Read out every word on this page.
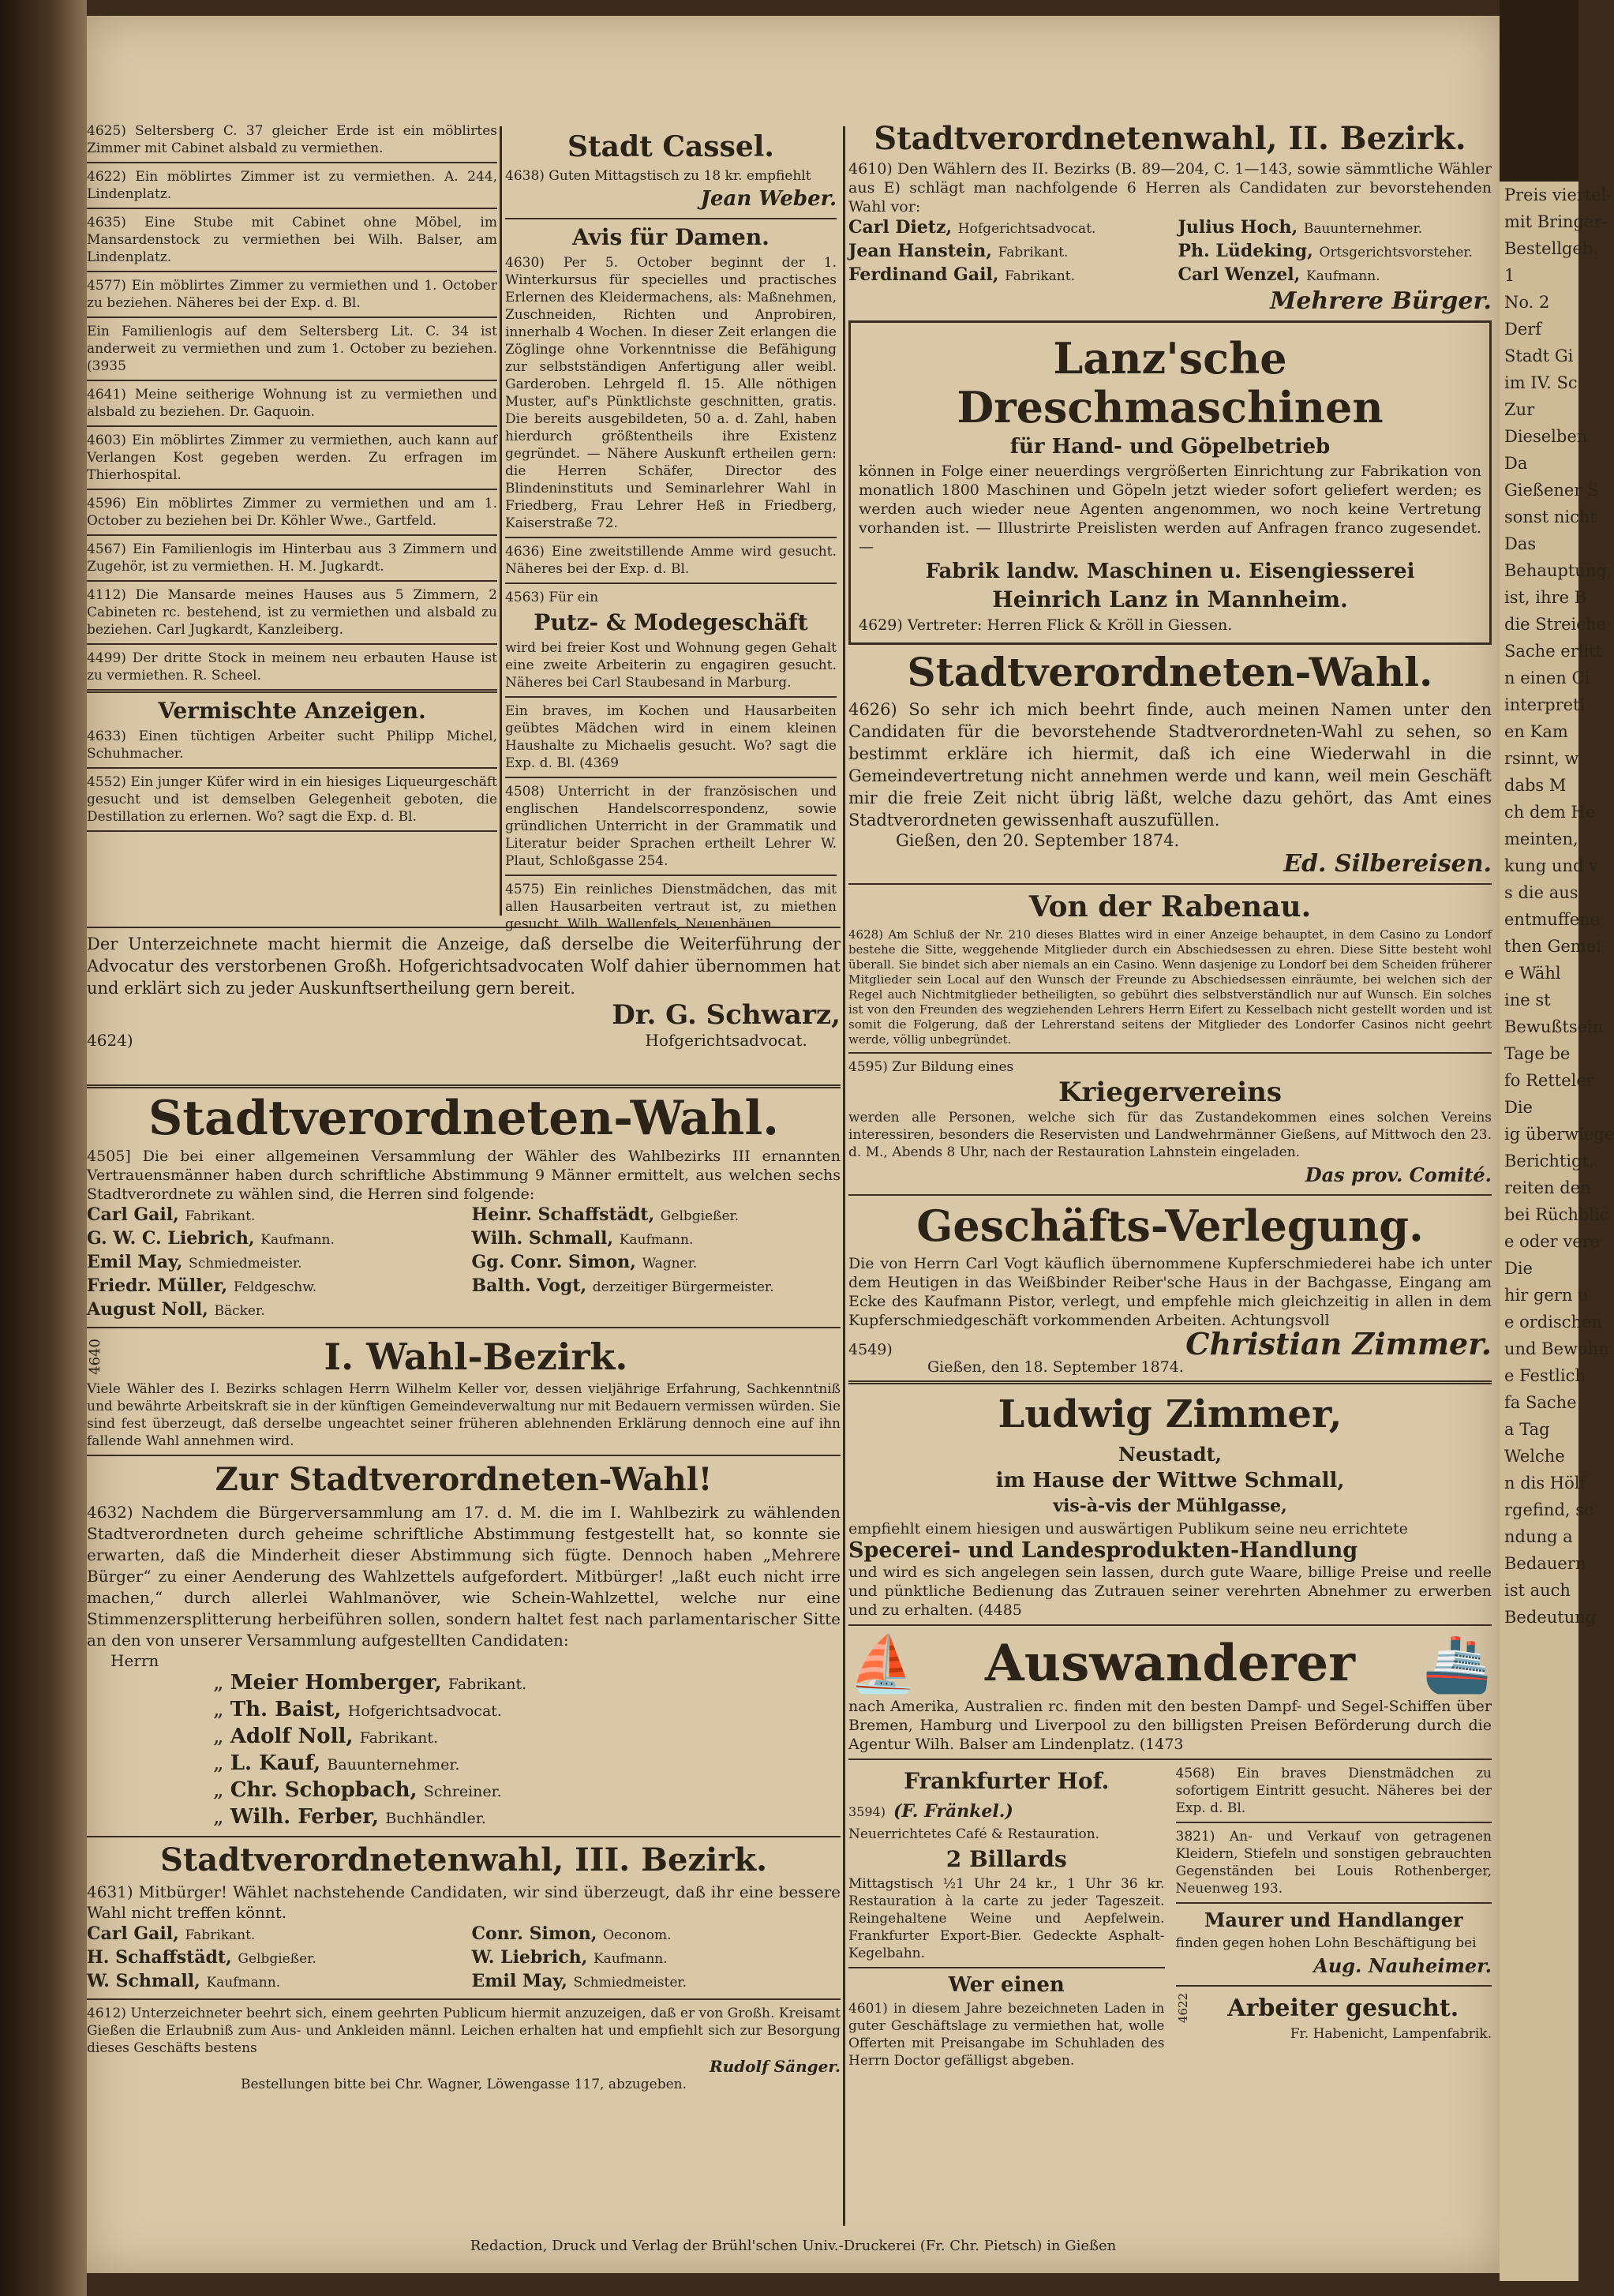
4625) Seltersberg C. 37 gleicher Erde ist ein möblirtes Zimmer mit Cabinet alsbald zu vermiethen.

4622) Ein möblirtes Zimmer ist zu vermiethen. A. 244, Lindenplatz.

4635) Eine Stube mit Cabinet ohne Möbel, im Mansardenstock zu vermiethen bei Wilh. Balser, am Lindenplatz.

4577) Ein möblirtes Zimmer zu vermiethen und 1. October zu beziehen. Näheres bei der Exp. d. Bl.

Ein Familienlogis auf dem Seltersberg Lit. C. 34 ist anderweit zu vermiethen und zum 1. October zu beziehen. (3935

4641) Meine seitherige Wohnung ist zu vermiethen und alsbald zu beziehen. Dr. Gaquoin.

4603) Ein möblirtes Zimmer zu vermiethen, auch kann auf Verlangen Kost gegeben werden. Zu erfragen im Thierhospital.

4596) Ein möblirtes Zimmer zu vermiethen und am 1. October zu beziehen bei Dr. Köhler Wwe., Gartfeld.

4567) Ein Familienlogis im Hinterbau aus 3 Zimmern und Zugehör, ist zu vermiethen. H. M. Jugkardt.

4112) Die Mansarde meines Hauses aus 5 Zimmern, 2 Cabineten rc. bestehend, ist zu vermiethen und alsbald zu beziehen. Carl Jugkardt, Kanzleiberg.

4499) Der dritte Stock in meinem neu erbauten Hause ist zu vermiethen. R. Scheel.

Vermischte Anzeigen.

4633) Einen tüchtigen Arbeiter sucht Philipp Michel, Schuhmacher.

4552) Ein junger Küfer wird in ein hiesiges Liqueurgeschäft gesucht und ist demselben Gelegenheit geboten, die Destillation zu erlernen. Wo? sagt die Exp. d. Bl.

Stadt Cassel.

4638) Guten Mittagstisch zu 18 kr. empfiehlt

Jean Weber.
Avis für Damen.

4630) Per 5. October beginnt der 1. Winterkursus für specielles und practisches Erlernen des Kleidermachens, als: Maßnehmen, Zuschneiden, Richten und Anprobiren, innerhalb 4 Wochen. In dieser Zeit erlangen die Zöglinge ohne Vorkenntnisse die Befähigung zur selbstständigen Anfertigung aller weibl. Garderoben. Lehrgeld fl. 15. Alle nöthigen Muster, auf's Pünktlichste geschnitten, gratis. Die bereits ausgebildeten, 50 a. d. Zahl, haben hierdurch größtentheils ihre Existenz gegründet. — Nähere Auskunft ertheilen gern: die Herren Schäfer, Director des Blindeninstituts und Seminarlehrer Wahl in Friedberg, Frau Lehrer Heß in Friedberg, Kaiserstraße 72.

4636) Eine zweitstillende Amme wird gesucht. Näheres bei der Exp. d. Bl.

4563) Für ein

Putz- & Modegeschäft

wird bei freier Kost und Wohnung gegen Gehalt eine zweite Arbeiterin zu engagiren gesucht. Näheres bei Carl Staubesand in Marburg.

Ein braves, im Kochen und Hausarbeiten geübtes Mädchen wird in einem kleinen Haushalte zu Michaelis gesucht. Wo? sagt die Exp. d. Bl. (4369

4508) Unterricht in der französischen und englischen Handelscorrespondenz, sowie gründlichen Unterricht in der Grammatik und Literatur beider Sprachen ertheilt Lehrer W. Plaut, Schloßgasse 254.

4575) Ein reinliches Dienstmädchen, das mit allen Hausarbeiten vertraut ist, zu miethen gesucht. Wilh. Wallenfels, Neuenbäuen.

Der Unterzeichnete macht hiermit die Anzeige, daß derselbe die Weiterführung der Advocatur des verstorbenen Großh. Hofgerichtsadvocaten Wolf dahier übernommen hat und erklärt sich zu jeder Auskunftsertheilung gern bereit.

4624)
Dr. G. Schwarz,
Hofgerichtsadvocat.
Stadtverordneten-Wahl.

4505] Die bei einer allgemeinen Versammlung der Wähler des Wahlbezirks III ernannten Vertrauensmänner haben durch schriftliche Abstimmung 9 Männer ermittelt, aus welchen sechs Stadtverordnete zu wählen sind, die Herren sind folgende:

Carl Gail, Fabrikant.	Heinr. Schaffstädt, Gelbgießer.
G. W. C. Liebrich, Kaufmann.	Wilh. Schmall, Kaufmann.
Emil May, Schmiedmeister.	Gg. Conr. Simon, Wagner.
Friedr. Müller, Feldgeschw.	Balth. Vogt, derzeitiger Bürgermeister.
August Noll, Bäcker.
4640	I. Wahl-Bezirk.

Viele Wähler des I. Bezirks schlagen Herrn Wilhelm Keller vor, dessen vieljährige Erfahrung, Sachkenntniß und bewährte Arbeitskraft sie in der künftigen Gemeindeverwaltung nur mit Bedauern vermissen würden. Sie sind fest überzeugt, daß derselbe ungeachtet seiner früheren ablehnenden Erklärung dennoch eine auf ihn fallende Wahl annehmen wird.

Zur Stadtverordneten-Wahl!

4632) Nachdem die Bürgerversammlung am 17. d. M. die im I. Wahlbezirk zu wählenden Stadtverordneten durch geheime schriftliche Abstimmung festgestellt hat, so konnte sie erwarten, daß die Minderheit dieser Abstimmung sich fügte. Dennoch haben „Mehrere Bürger“ zu einer Aenderung des Wahlzettels aufgefordert. Mitbürger! „laßt euch nicht irre machen,“ durch allerlei Wahlmanöver, wie Schein-Wahlzettel, welche nur eine Stimmenzersplitterung herbeiführen sollen, sondern haltet fest nach parlamentarischer Sitte an den von unserer Versammlung aufgestellten Candidaten:

Herrn
„ Meier Homberger, Fabrikant.
„ Th. Baist, Hofgerichtsadvocat.
„ Adolf Noll, Fabrikant.
„ L. Kauf, Bauunternehmer.
„ Chr. Schopbach, Schreiner.
„ Wilh. Ferber, Buchhändler.
Stadtverordnetenwahl, III. Bezirk.

4631) Mitbürger! Wählet nachstehende Candidaten, wir sind überzeugt, daß ihr eine bessere Wahl nicht treffen könnt.

Carl Gail, Fabrikant.	Conr. Simon, Oeconom.
H. Schaffstädt, Gelbgießer.	W. Liebrich, Kaufmann.
W. Schmall, Kaufmann.	Emil May, Schmiedmeister.

4612) Unterzeichneter beehrt sich, einem geehrten Publicum hiermit anzuzeigen, daß er von Großh. Kreisamt Gießen die Erlaubniß zum Aus- und Ankleiden männl. Leichen erhalten hat und empfiehlt sich zur Besorgung dieses Geschäfts bestens

Rudolf Sänger.

Bestellungen bitte bei Chr. Wagner, Löwengasse 117, abzugeben.

Stadtverordnetenwahl, II. Bezirk.

4610) Den Wählern des II. Bezirks (B. 89—204, C. 1—143, sowie sämmtliche Wähler aus E) schlägt man nachfolgende 6 Herren als Candidaten zur bevorstehenden Wahl vor:

Carl Dietz, Hofgerichtsadvocat.	Julius Hoch, Bauunternehmer.
Jean Hanstein, Fabrikant.	Ph. Lüdeking, Ortsgerichtsvorsteher.
Ferdinand Gail, Fabrikant.	Carl Wenzel, Kaufmann.
Mehrere Bürger.
Lanz'sche Dreschmaschinen
für Hand- und Göpelbetrieb

können in Folge einer neuerdings vergrößerten Einrichtung zur Fabrikation von monatlich 1800 Maschinen und Göpeln jetzt wieder sofort geliefert werden; es werden auch wieder neue Agenten angenommen, wo noch keine Vertretung vorhanden ist. — Illustrirte Preislisten werden auf Anfragen franco zugesendet. —

Fabrik landw. Maschinen u. Eisengiesserei
Heinrich Lanz in Mannheim.

4629) Vertreter: Herren Flick & Kröll in Giessen.

Stadtverordneten-Wahl.

4626) So sehr ich mich beehrt finde, auch meinen Namen unter den Candidaten für die bevorstehende Stadtverordneten-Wahl zu sehen, so bestimmt erkläre ich hiermit, daß ich eine Wiederwahl in die Gemeindevertretung nicht annehmen werde und kann, weil mein Geschäft mir die freie Zeit nicht übrig läßt, welche dazu gehört, das Amt eines Stadtverordneten gewissenhaft auszufüllen.

Gießen, den 20. September 1874.
Ed. Silbereisen.
Von der Rabenau.

4628) Am Schluß der Nr. 210 dieses Blattes wird in einer Anzeige behauptet, in dem Casino zu Londorf bestehe die Sitte, weggehende Mitglieder durch ein Abschiedsessen zu ehren. Diese Sitte besteht wohl überall. Sie bindet sich aber niemals an ein Casino. Wenn dasjenige zu Londorf bei dem Scheiden früherer Mitglieder sein Local auf den Wunsch der Freunde zu Abschiedsessen einräumte, bei welchen sich der Regel auch Nichtmitglieder betheiligten, so gebührt dies selbstverständlich nur auf Wunsch. Ein solches ist von den Freunden des wegziehenden Lehrers Herrn Eifert zu Kesselbach nicht gestellt worden und ist somit die Folgerung, daß der Lehrerstand seitens der Mitglieder des Londorfer Casinos nicht geehrt werde, völlig unbegründet.

4595) Zur Bildung eines

Kriegervereins

werden alle Personen, welche sich für das Zustandekommen eines solchen Vereins interessiren, besonders die Reservisten und Landwehrmänner Gießens, auf Mittwoch den 23. d. M., Abends 8 Uhr, nach der Restauration Lahnstein eingeladen.

Das prov. Comité.
Geschäfts-Verlegung.

Die von Herrn Carl Vogt käuflich übernommene Kupferschmiederei habe ich unter dem Heutigen in das Weißbinder Reiber'sche Haus in der Bachgasse, Eingang am Ecke des Kaufmann Pistor, verlegt, und empfehle mich gleichzeitig in allen in dem Kupferschmiedgeschäft vorkommenden Arbeiten. Achtungsvoll

4549)	Christian Zimmer.
Gießen, den 18. September 1874.
Ludwig Zimmer,
Neustadt,
im Hause der Wittwe Schmall,
vis-à-vis der Mühlgasse,

empfiehlt einem hiesigen und auswärtigen Publikum seine neu errichtete

Specerei- und Landesprodukten-Handlung

und wird es sich angelegen sein lassen, durch gute Waare, billige Preise und reelle und pünktliche Bedienung das Zutrauen seiner verehrten Abnehmer zu erwerben und zu erhalten. (4485

⛵	Auswanderer	🚢

nach Amerika, Australien rc. finden mit den besten Dampf- und Segel-Schiffen über Bremen, Hamburg und Liverpool zu den billigsten Preisen Beförderung durch die Agentur Wilh. Balser am Lindenplatz. (1473

Frankfurter Hof.
3594) (F. Fränkel.)

Neuerrichtetes Café & Restauration.

2 Billards

Mittagstisch ½1 Uhr 24 kr., 1 Uhr 36 kr. Restauration à la carte zu jeder Tageszeit. Reingehaltene Weine und Aepfelwein. Frankfurter Export-Bier. Gedeckte Asphalt-Kegelbahn.

Wer einen

4601) in diesem Jahre bezeichneten Laden in guter Geschäftslage zu vermiethen hat, wolle Offerten mit Preisangabe im Schuhladen des Herrn Doctor gefälligst abgeben.

4568) Ein braves Dienstmädchen zu sofortigem Eintritt gesucht. Näheres bei der Exp. d. Bl.

3821) An- und Verkauf von getragenen Kleidern, Stiefeln und sonstigen gebrauchten Gegenständen bei Louis Rothenberger, Neuenweg 193.

Maurer und Handlanger

finden gegen hohen Lohn Beschäftigung bei

Aug. Nauheimer.
4622	Arbeiter gesucht.

Fr. Habenicht, Lampenfabrik.

Redaction, Druck und Verlag der Brühl'schen Univ.-Druckerei (Fr. Chr. Pietsch) in Gießen
Preis viertel-
mit Bringer-
Bestellgeb.
1
No. 2
Derf
Stadt Gi
im IV. Sc
Zur
Dieselben
Da
Gießener S
sonst nicht
Das
Behauptung,
ist, ihre B
die Streiche
Sache erlitt
n einen Ci
interpreti
en Kam
rsinnt, w
dabs M
ch dem He
meinten,
kung und v
s die aus
entmuffene
then Gemei
e Wähl
ine st
Bewußtsein
Tage be
fo Retteler
Die
ig überwiege
Berichtigt,
reiten den
bei Rüchblic
e oder vere
Die
hir gern u
e ordischen
und Bewohn
e Festlich
fa Sache
a Tag
Welche
n dis Hölf
rgefind, sc
ndung a
Bedauern
ist auch
Bedeutung
